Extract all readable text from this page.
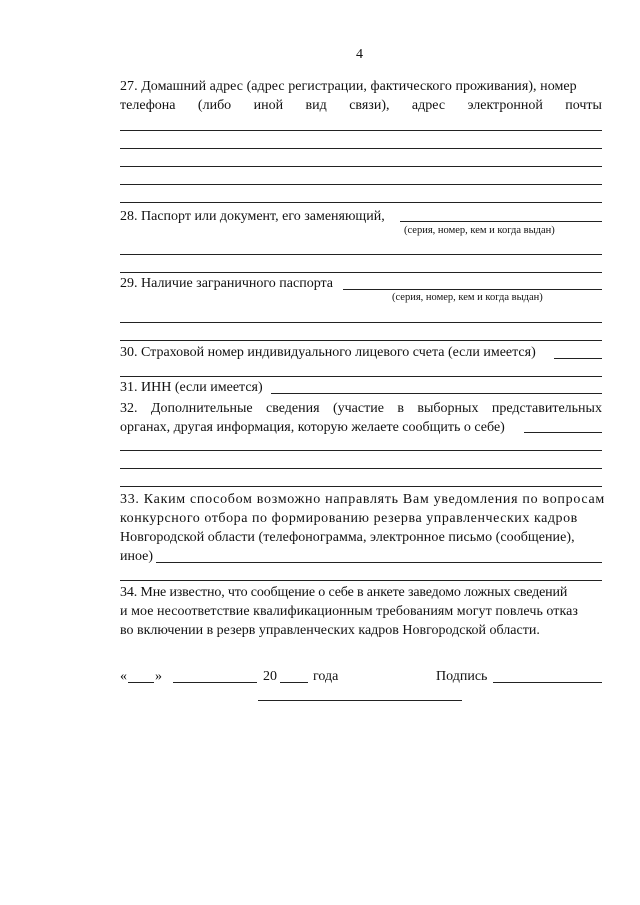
4
27. Домашний адрес (адрес регистрации, фактического проживания), номер
телефона (либо иной вид связи), адрес электронной почты
28. Паспорт или документ, его заменяющий,
(серия, номер, кем и когда выдан)
29. Наличие заграничного паспорта
(серия, номер, кем и когда выдан)
30. Страховой номер индивидуального лицевого счета (если имеется)
31. ИНН (если имеется)
32. Дополнительные сведения (участие в выборных представительных
органах, другая информация, которую желаете сообщить о себе)
33. Каким способом возможно направлять Вам уведомления по вопросам
конкурсного отбора по формированию резерва управленческих кадров
Новгородской области (телефонограмма, электронное письмо (сообщение),
иное)
34. Мне известно, что сообщение о себе в анкете заведомо ложных сведений
и мое несоответствие квалификационным требованиям могут повлечь отказ
во включении в резерв управленческих кадров Новгородской области.
« »	20	года	Подпись
